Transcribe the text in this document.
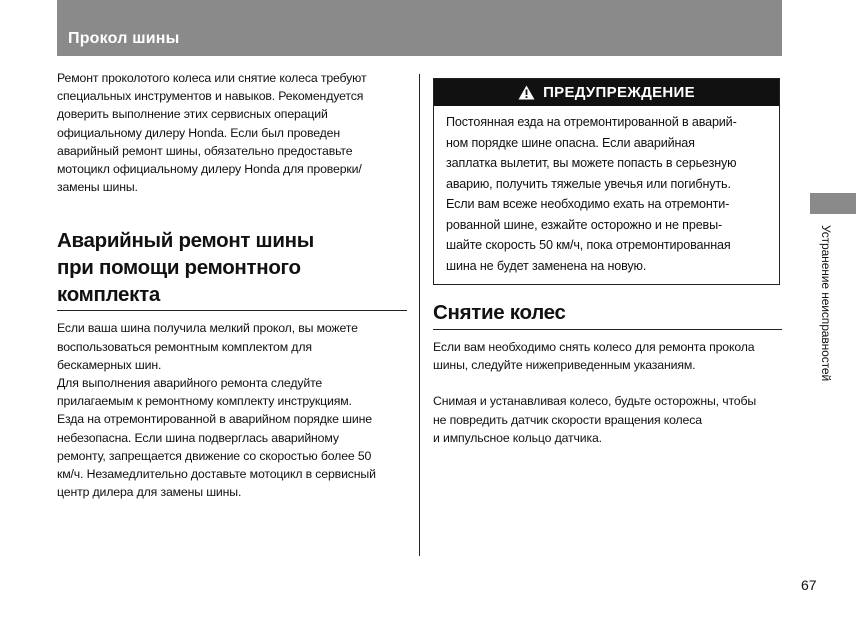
Прокол шины

Ремонт проколотого колеса или снятие колеса требуют
специальных инструментов и навыков. Рекомендуется
доверить выполнение этих сервисных операций
официальному дилеру Honda. Если был проведен
аварийный ремонт шины, обязательно предоставьте
мотоцикл официальному дилеру Honda для проверки/
замены шины.

Аварийный ремонт шины
при помощи ремонтного комплекта

Если ваша шина получила мелкий прокол, вы можете
воспользоваться ремонтным комплектом для
бескамерных шин.
Для выполнения аварийного ремонта следуйте
прилагаемым к ремонтному комплекту инструкциям.
Езда на отремонтированной в аварийном порядке шине
небезопасна. Если шина подверглась аварийному
ремонту, запрещается движение со скоростью более 50
км/ч. Незамедлительно доставьте мотоцикл в сервисный
центр дилера для замены шины.

ПРЕДУПРЕЖДЕНИЕ

Постоянная езда на отремонтированной в аварий-
ном порядке шине опасна. Если аварийная
заплатка вылетит, вы можете попасть в серьезную
аварию, получить тяжелые увечья или погибнуть.
Если вам всеже необходимо ехать на отремонти-
рованной шине, езжайте осторожно и не превы-
шайте скорость 50 км/ч, пока отремонтированная
шина не будет заменена на новую.

Снятие колес

Если вам необходимо снять колесо для ремонта прокола
шины, следуйте нижеприведенным указаниям.

Снимая и устанавливая колесо, будьте осторожны, чтобы
не повредить датчик скорости вращения колеса
и импульсное кольцо датчика.

Устранение неисправностей
67
